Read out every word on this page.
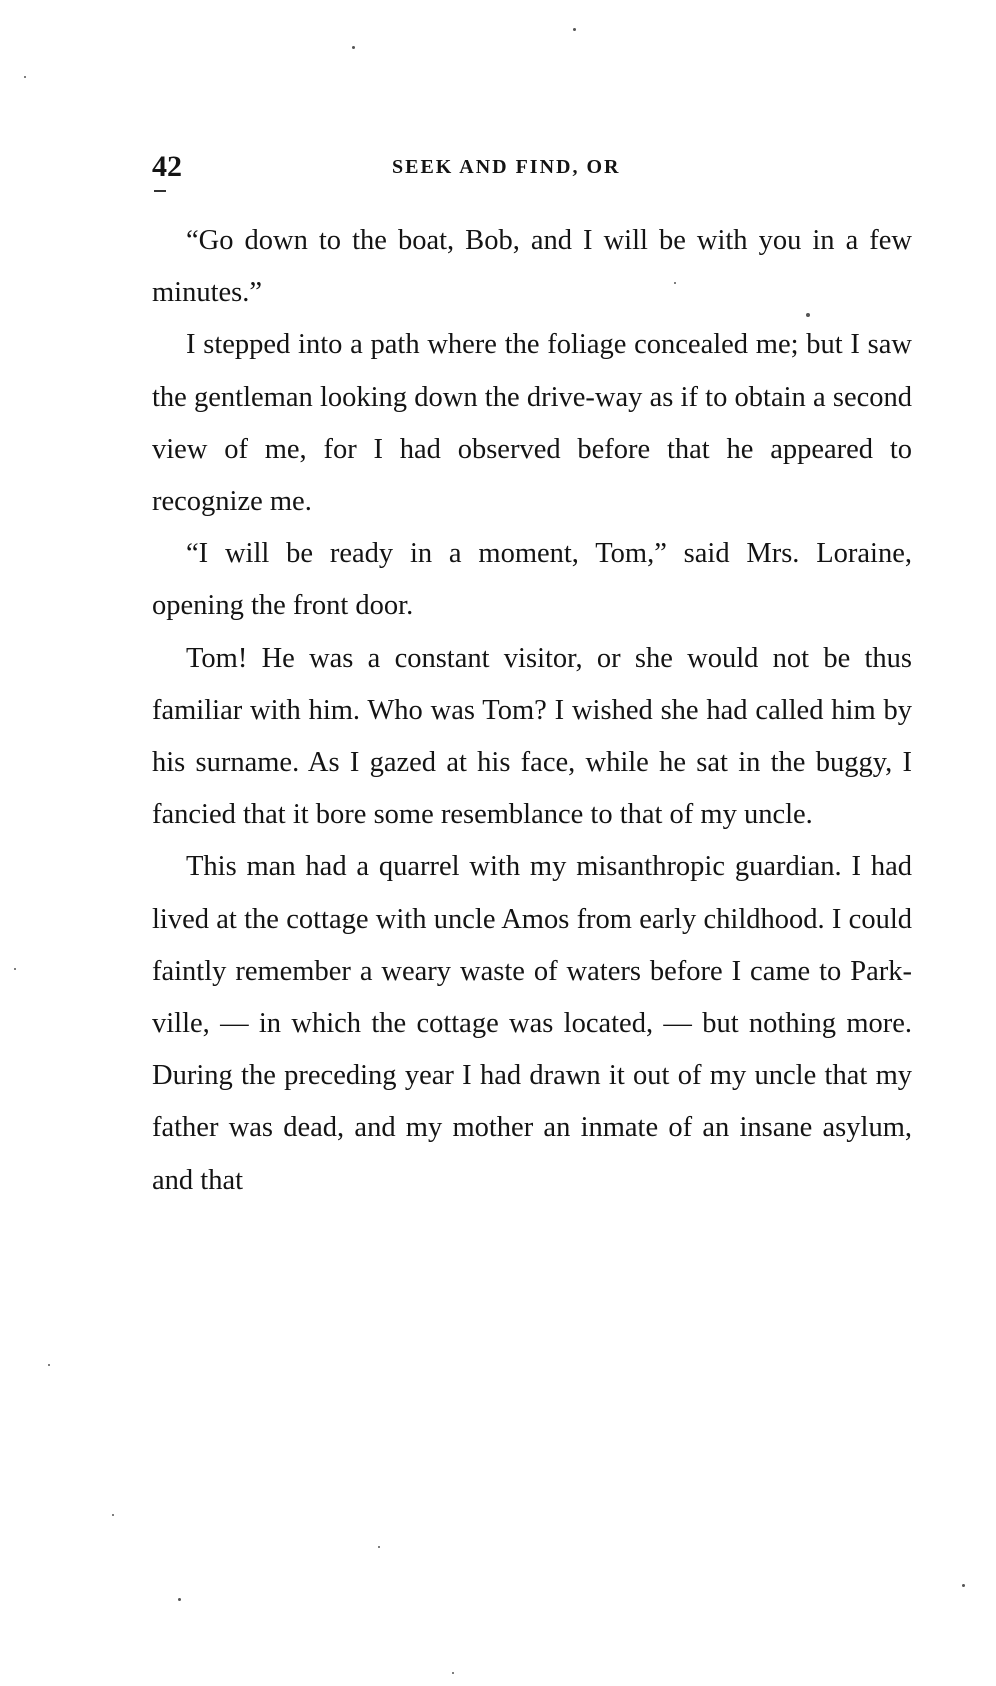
42	SEEK AND FIND, OR

“Go down to the boat, Bob, and I will be with you in a few minutes.”

I stepped into a path where the foliage concealed me; but I saw the gentleman looking down the drive-way as if to obtain a second view of me, for I had observed before that he appeared to recognize me.

“I will be ready in a moment, Tom,” said Mrs. Loraine, opening the front door.

Tom! He was a constant visitor, or she would not be thus familiar with him. Who was Tom? I wished she had called him by his surname. As I gazed at his face, while he sat in the buggy, I fancied that it bore some resemblance to that of my uncle.

This man had a quarrel with my misanthropic guardian. I had lived at the cottage with uncle Amos from early childhood. I could faintly remember a weary waste of waters before I came to Parkville, — in which the cottage was located, — but nothing more. During the preceding year I had drawn it out of my uncle that my father was dead, and my mother an inmate of an insane asylum, and that
